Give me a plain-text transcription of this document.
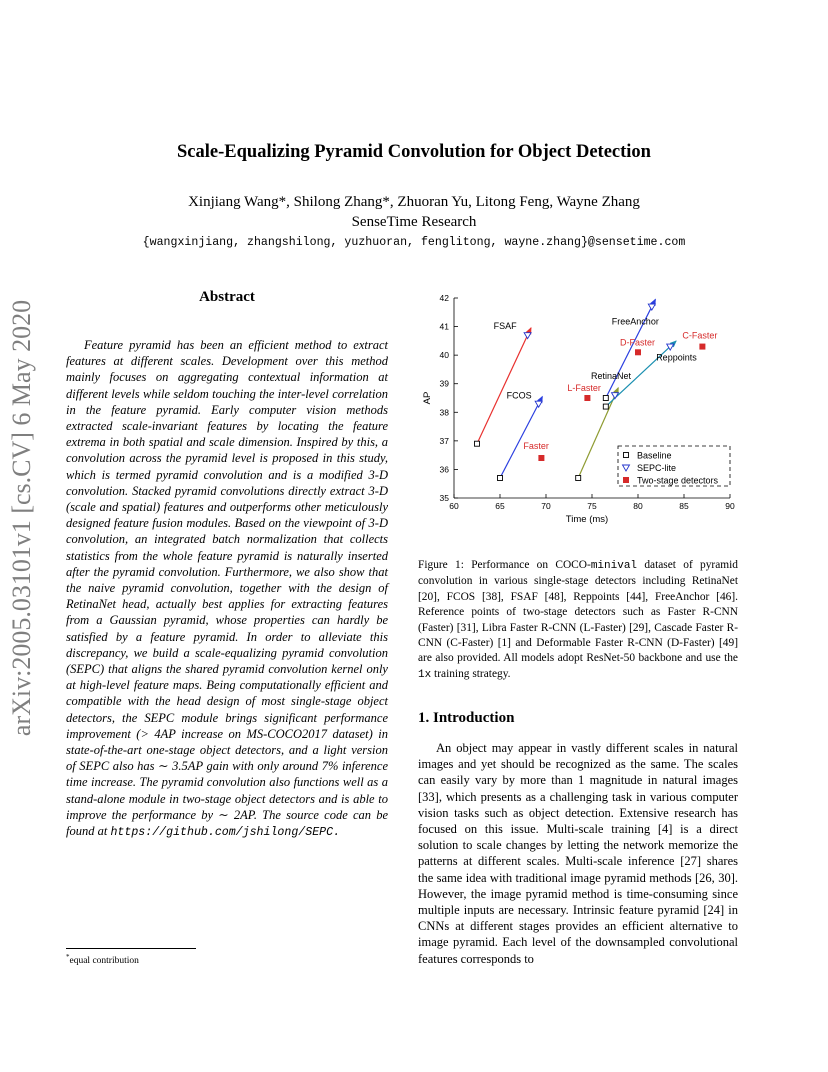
arXiv:2005.03101v1 [cs.CV] 6 May 2020
Scale-Equalizing Pyramid Convolution for Object Detection
Xinjiang Wang*, Shilong Zhang*, Zhuoran Yu, Litong Feng, Wayne Zhang
SenseTime Research
{wangxinjiang, zhangshilong, yuzhuoran, fenglitong, wayne.zhang}@sensetime.com
Abstract

Feature pyramid has been an efficient method to extract features at different scales. Development over this method mainly focuses on aggregating contextual information at different levels while seldom touching the inter-level correlation in the feature pyramid. Early computer vision methods extracted scale-invariant features by locating the feature extrema in both spatial and scale dimension. Inspired by this, a convolution across the pyramid level is proposed in this study, which is termed pyramid convolution and is a modified 3-D convolution. Stacked pyramid convolutions directly extract 3-D (scale and spatial) features and outperforms other meticulously designed feature fusion modules. Based on the viewpoint of 3-D convolution, an integrated batch normalization that collects statistics from the whole feature pyramid is naturally inserted after the pyramid convolution. Furthermore, we also show that the naive pyramid convolution, together with the design of RetinaNet head, actually best applies for extracting features from a Gaussian pyramid, whose properties can hardly be satisfied by a feature pyramid. In order to alleviate this discrepancy, we build a scale-equalizing pyramid convolution (SEPC) that aligns the shared pyramid convolution kernel only at high-level feature maps. Being computationally efficient and compatible with the head design of most single-stage object detectors, the SEPC module brings significant performance improvement (> 4AP increase on MS-COCO2017 dataset) in state-of-the-art one-stage object detectors, and a light version of SEPC also has ∼ 3.5AP gain with only around 7% inference time increase. The pyramid convolution also functions well as a stand-alone module in two-stage object detectors and is able to improve the performance by ∼ 2AP. The source code can be found at https://github.com/jshilong/SEPC.

*equal contribution
60	65	70	75	80	85	90
35
36
37
38
39
40
41
42
Time (ms)
AP
FSAF
FCOS
RetinaNet
Reppoints
FreeAnchor
Faster
L-Faster
D-Faster
C-Faster
Baseline
SEPC-lite
Two-stage detectors

Figure 1: Performance on COCO-minival dataset of pyramid convolution in various single-stage detectors including RetinaNet [20], FCOS [38], FSAF [48], Reppoints [44], FreeAnchor [46]. Reference points of two-stage detectors such as Faster R-CNN (Faster) [31], Libra Faster R-CNN (L-Faster) [29], Cascade Faster R-CNN (C-Faster) [1] and Deformable Faster R-CNN (D-Faster) [49] are also provided. All models adopt ResNet-50 backbone and use the 1x training strategy.

1. Introduction

An object may appear in vastly different scales in natural images and yet should be recognized as the same. The scales can easily vary by more than 1 magnitude in natural images [33], which presents as a challenging task in various computer vision tasks such as object detection. Extensive research has focused on this issue. Multi-scale training [4] is a direct solution to scale changes by letting the network memorize the patterns at different scales. Multi-scale inference [27] shares the same idea with traditional image pyramid methods [26, 30]. However, the image pyramid method is time-consuming since multiple inputs are necessary. Intrinsic feature pyramid [24] in CNNs at different stages provides an efficient alternative to image pyramid. Each level of the downsampled convolutional features corresponds to
